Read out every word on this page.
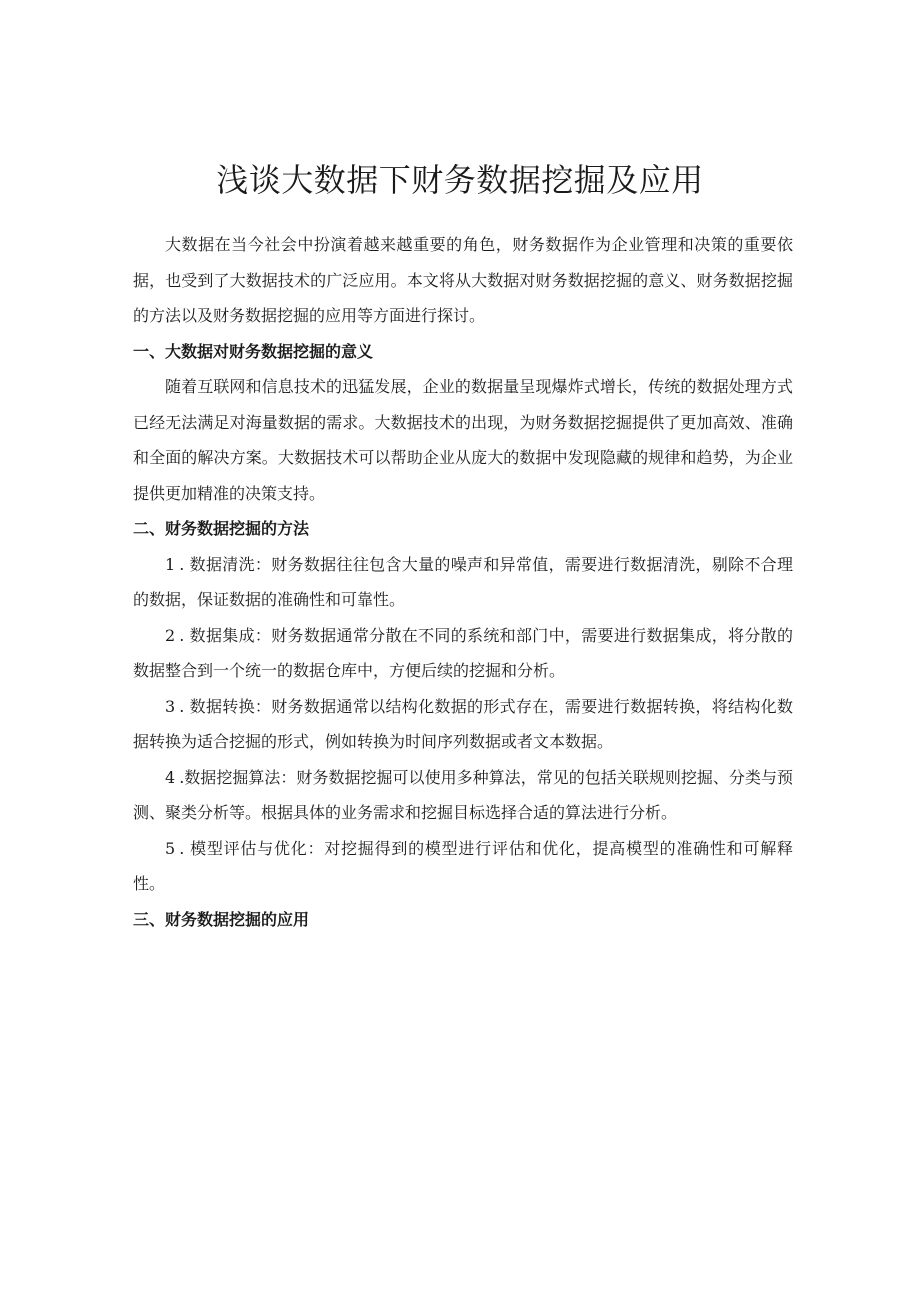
浅谈大数据下财务数据挖掘及应用

大数据在当今社会中扮演着越来越重要的角色，财务数据作为企业管理和决策的重要依据，也受到了大数据技术的广泛应用。本文将从大数据对财务数据挖掘的意义、财务数据挖掘的方法以及财务数据挖掘的应用等方面进行探讨。

一、大数据对财务数据挖掘的意义

随着互联网和信息技术的迅猛发展，企业的数据量呈现爆炸式增长，传统的数据处理方式已经无法满足对海量数据的需求。大数据技术的出现，为财务数据挖掘提供了更加高效、准确和全面的解决方案。大数据技术可以帮助企业从庞大的数据中发现隐藏的规律和趋势，为企业提供更加精准的决策支持。

二、财务数据挖掘的方法

1 . 数据清洗：财务数据往往包含大量的噪声和异常值，需要进行数据清洗，剔除不合理的数据，保证数据的准确性和可靠性。

2 . 数据集成：财务数据通常分散在不同的系统和部门中，需要进行数据集成，将分散的数据整合到一个统一的数据仓库中，方便后续的挖掘和分析。

3 . 数据转换：财务数据通常以结构化数据的形式存在，需要进行数据转换，将结构化数据转换为适合挖掘的形式，例如转换为时间序列数据或者文本数据。

4 .数据挖掘算法：财务数据挖掘可以使用多种算法，常见的包括关联规则挖掘、分类与预测、聚类分析等。根据具体的业务需求和挖掘目标选择合适的算法进行分析。

5 . 模型评估与优化：对挖掘得到的模型进行评估和优化，提高模型的准确性和可解释性。

三、财务数据挖掘的应用
